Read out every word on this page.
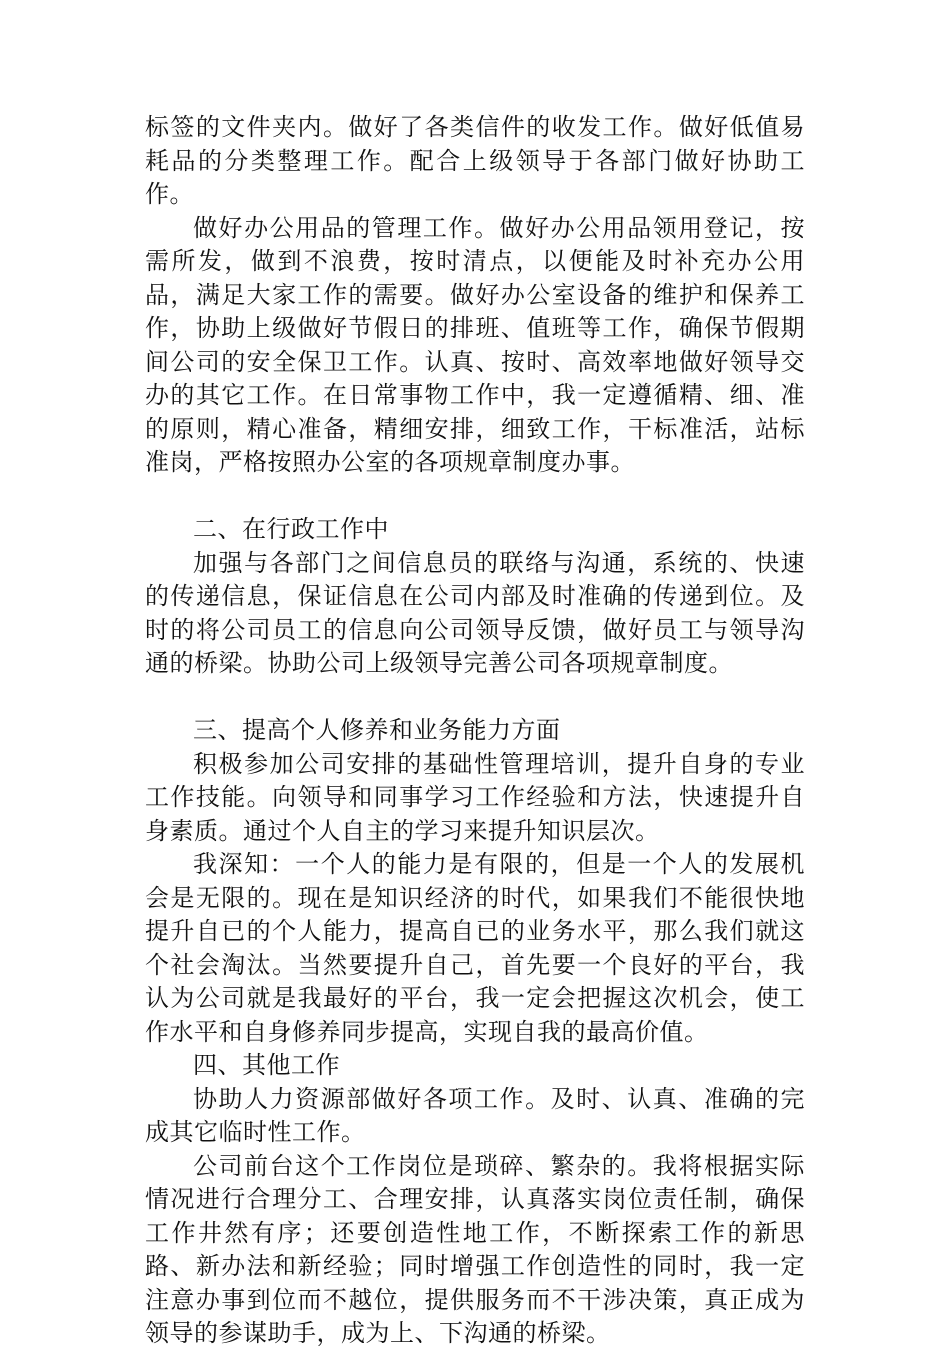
标签的文件夹内。做好了各类信件的收发工作。做好低值易耗品的分类整理工作。配合上级领导于各部门做好协助工作。

做好办公用品的管理工作。做好办公用品领用登记，按需所发，做到不浪费，按时清点，以便能及时补充办公用品，满足大家工作的需要。做好办公室设备的维护和保养工作，协助上级做好节假日的排班、值班等工作，确保节假期间公司的安全保卫工作。认真、按时、高效率地做好领导交办的其它工作。在日常事物工作中，我一定遵循精、细、准的原则，精心准备，精细安排，细致工作，干标准活，站标准岗，严格按照办公室的各项规章制度办事。

二、在行政工作中

加强与各部门之间信息员的联络与沟通，系统的、快速的传递信息，保证信息在公司内部及时准确的传递到位。及时的将公司员工的信息向公司领导反馈，做好员工与领导沟通的桥梁。协助公司上级领导完善公司各项规章制度。

三、提高个人修养和业务能力方面

积极参加公司安排的基础性管理培训，提升自身的专业工作技能。向领导和同事学习工作经验和方法，快速提升自身素质。通过个人自主的学习来提升知识层次。

我深知：一个人的能力是有限的，但是一个人的发展机会是无限的。现在是知识经济的时代，如果我们不能很快地提升自已的个人能力，提高自已的业务水平，那么我们就这个社会淘汰。当然要提升自己，首先要一个良好的平台，我认为公司就是我最好的平台，我一定会把握这次机会，使工作水平和自身修养同步提高，实现自我的最高价值。

四、其他工作

协助人力资源部做好各项工作。及时、认真、准确的完成其它临时性工作。

公司前台这个工作岗位是琐碎、繁杂的。我将根据实际情况进行合理分工、合理安排，认真落实岗位责任制，确保工作井然有序；还要创造性地工作，不断探索工作的新思路、新办法和新经验；同时增强工作创造性的同时，我一定注意办事到位而不越位，提供服务而不干涉决策，真正成为领导的参谋助手，成为上、下沟通的桥梁。
